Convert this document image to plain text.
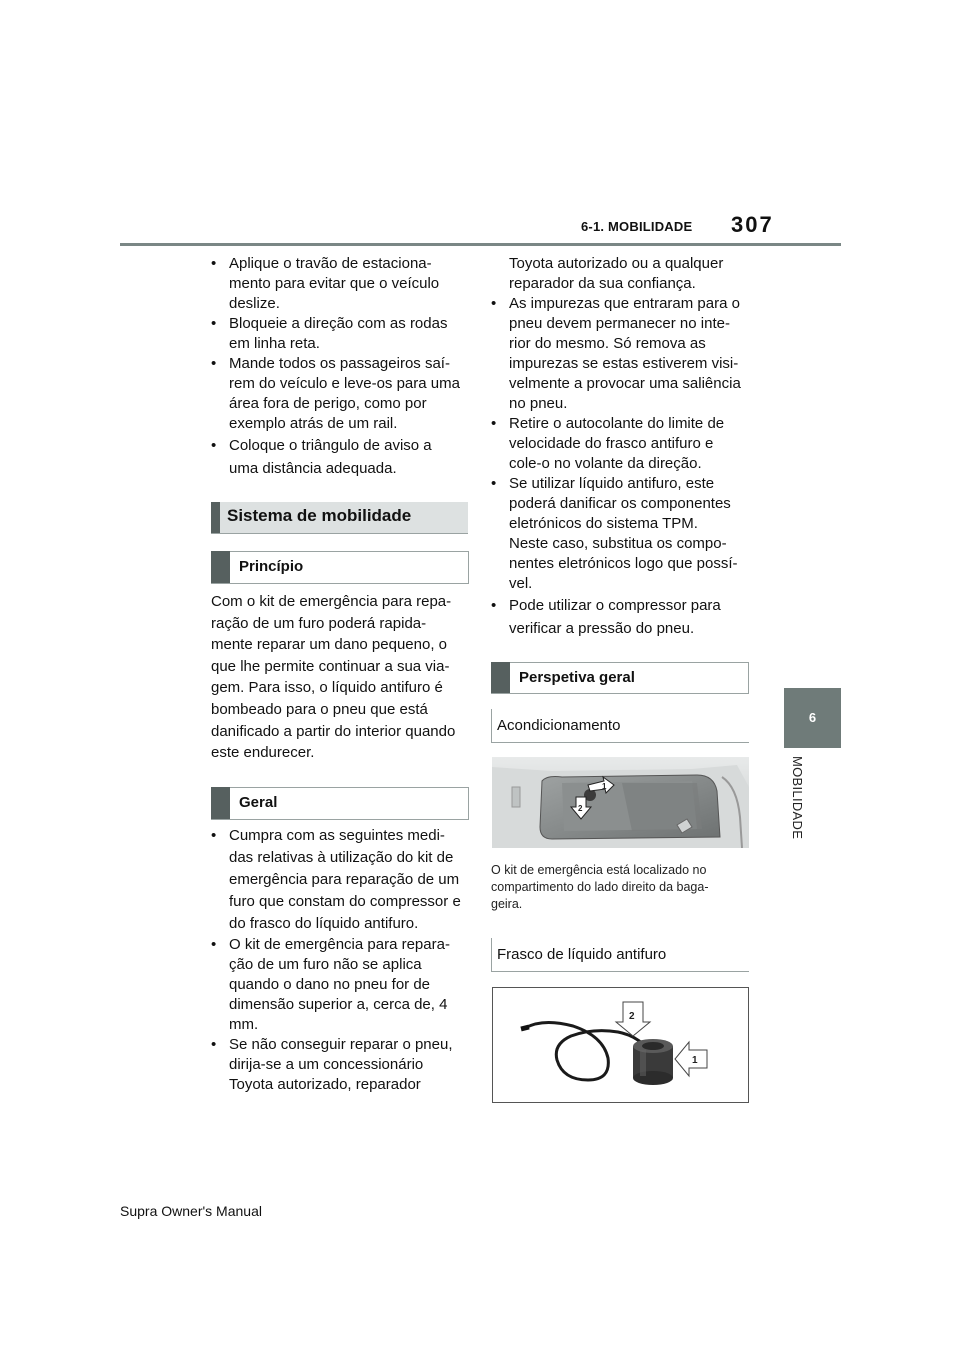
6-1. MOBILIDADE 307
6
MOBILIDADE
• Aplique o travão de estaciona-
mento para evitar que o veículo
deslize.
• Bloqueie a direção com as rodas
em linha reta.
• Mande todos os passageiros saí-
rem do veículo e leve-os para uma
área fora de perigo, como por
exemplo atrás de um rail.
• Coloque o triângulo de aviso a
uma distância adequada.
Sistema de mobilidade
Princípio
Com o kit de emergência para repa-
ração de um furo poderá rapida-
mente reparar um dano pequeno, o
que lhe permite continuar a sua via-
gem. Para isso, o líquido antifuro é
bombeado para o pneu que está
danificado a partir do interior quando
este endurecer.
Geral
• Cumpra com as seguintes medi-
das relativas à utilização do kit de
emergência para reparação de um
furo que constam do compressor e
do frasco do líquido antifuro.
• O kit de emergência para repara-
ção de um furo não se aplica
quando o dano no pneu for de
dimensão superior a, cerca de, 4
mm.
• Se não conseguir reparar o pneu,
dirija-se a um concessionário
Toyota autorizado, reparador
Toyota autorizado ou a qualquer
reparador da sua confiança.
• As impurezas que entraram para o
pneu devem permanecer no inte-
rior do mesmo. Só remova as
impurezas se estas estiverem visi-
velmente a provocar uma saliência
no pneu.
• Retire o autocolante do limite de
velocidade do frasco antifuro e
cole-o no volante da direção.
• Se utilizar líquido antifuro, este
poderá danificar os componentes
eletrónicos do sistema TPM.
Neste caso, substitua os compo-
nentes eletrónicos logo que possí-
vel.
• Pode utilizar o compressor para
verificar a pressão do pneu.
Perspetiva geral
Acondicionamento
1
2
O kit de emergência está localizado no
compartimento do lado direito da baga-
geira.
Frasco de líquido antifuro
2
1
Supra Owner's Manual
